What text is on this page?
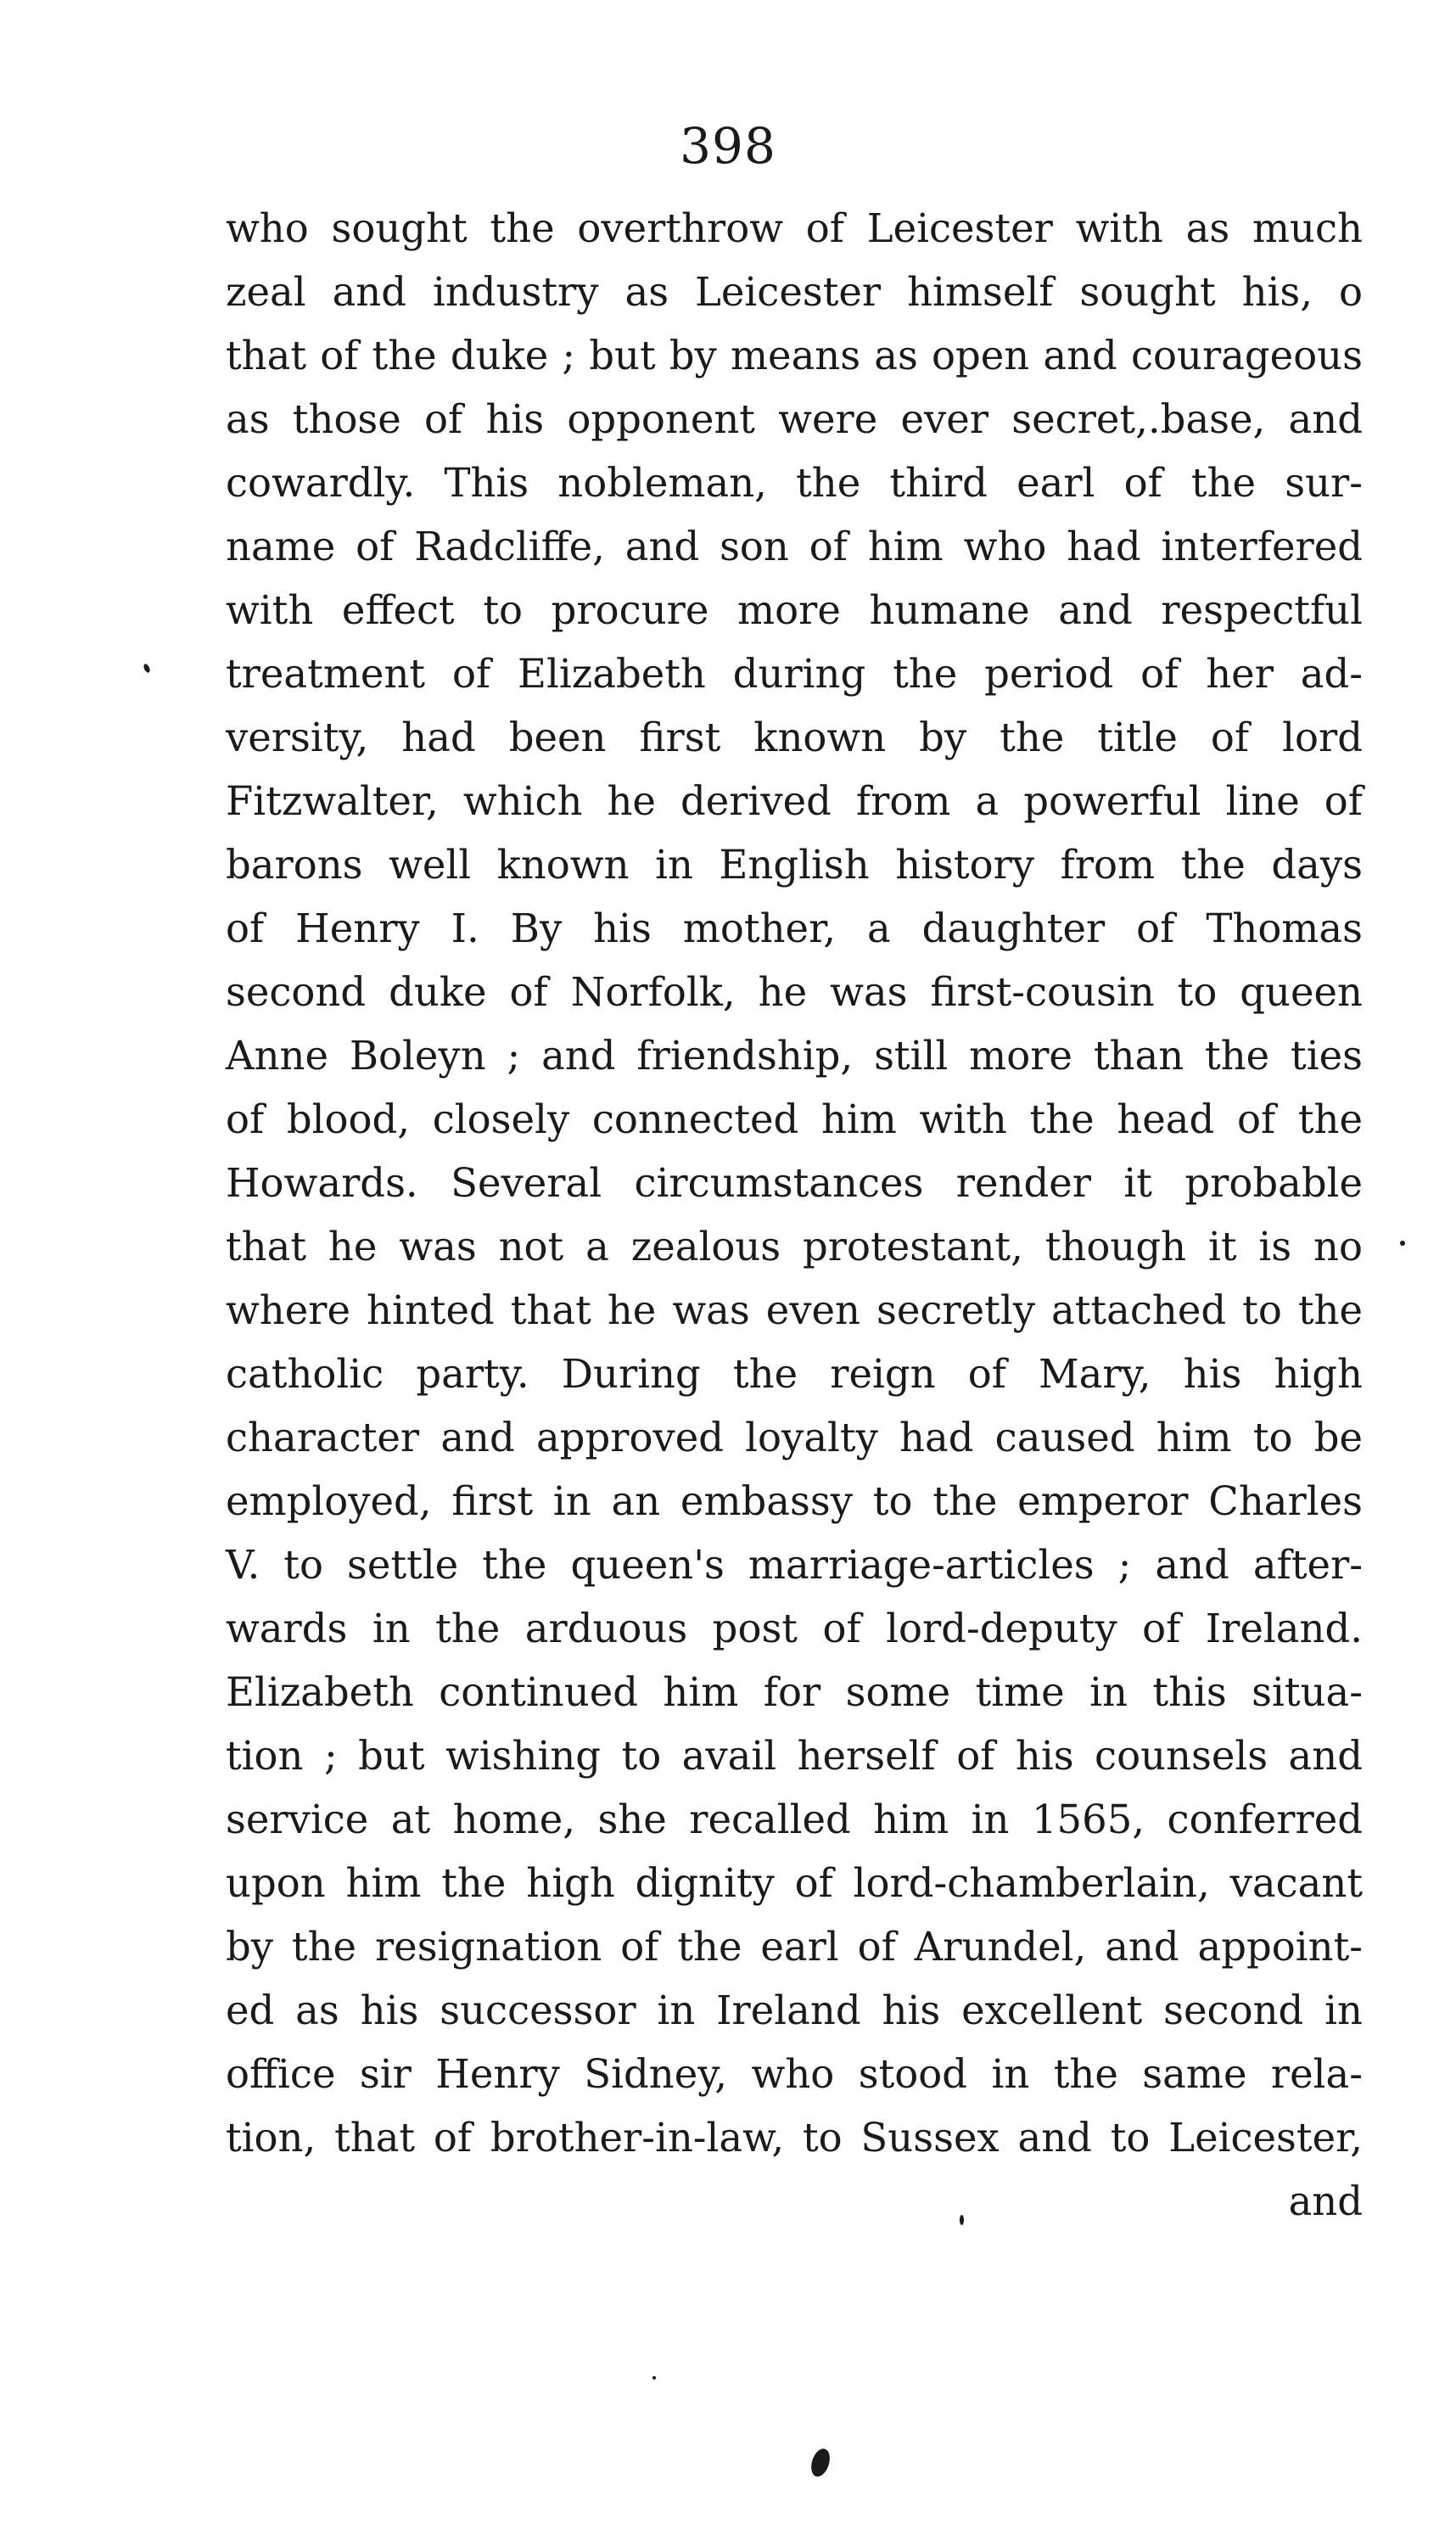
398
who sought the overthrow of Leicester with as much
zeal and industry as Leicester himself sought his, o
that of the duke ; but by means as open and courageous
as those of his opponent were ever secret,.base, and
cowardly. This nobleman, the third earl of the sur-
name of Radcliffe, and son of him who had interfered
with effect to procure more humane and respectful
treatment of Elizabeth during the period of her ad-
versity, had been first known by the title of lord
Fitzwalter, which he derived from a powerful line of
barons well known in English history from the days
of Henry I. By his mother, a daughter of Thomas
second duke of Norfolk, he was first-cousin to queen
Anne Boleyn ; and friendship, still more than the ties
of blood, closely connected him with the head of the
Howards. Several circumstances render it probable
that he was not a zealous protestant, though it is no
where hinted that he was even secretly attached to the
catholic party. During the reign of Mary, his high
character and approved loyalty had caused him to be
employed, first in an embassy to the emperor Charles
V. to settle the queen's marriage-articles ; and after-
wards in the arduous post of lord-deputy of Ireland.
Elizabeth continued him for some time in this situa-
tion ; but wishing to avail herself of his counsels and
service at home, she recalled him in 1565, conferred
upon him the high dignity of lord-chamberlain, vacant
by the resignation of the earl of Arundel, and appoint-
ed as his successor in Ireland his excellent second in
office sir Henry Sidney, who stood in the same rela-
tion, that of brother-in-law, to Sussex and to Leicester,
and
